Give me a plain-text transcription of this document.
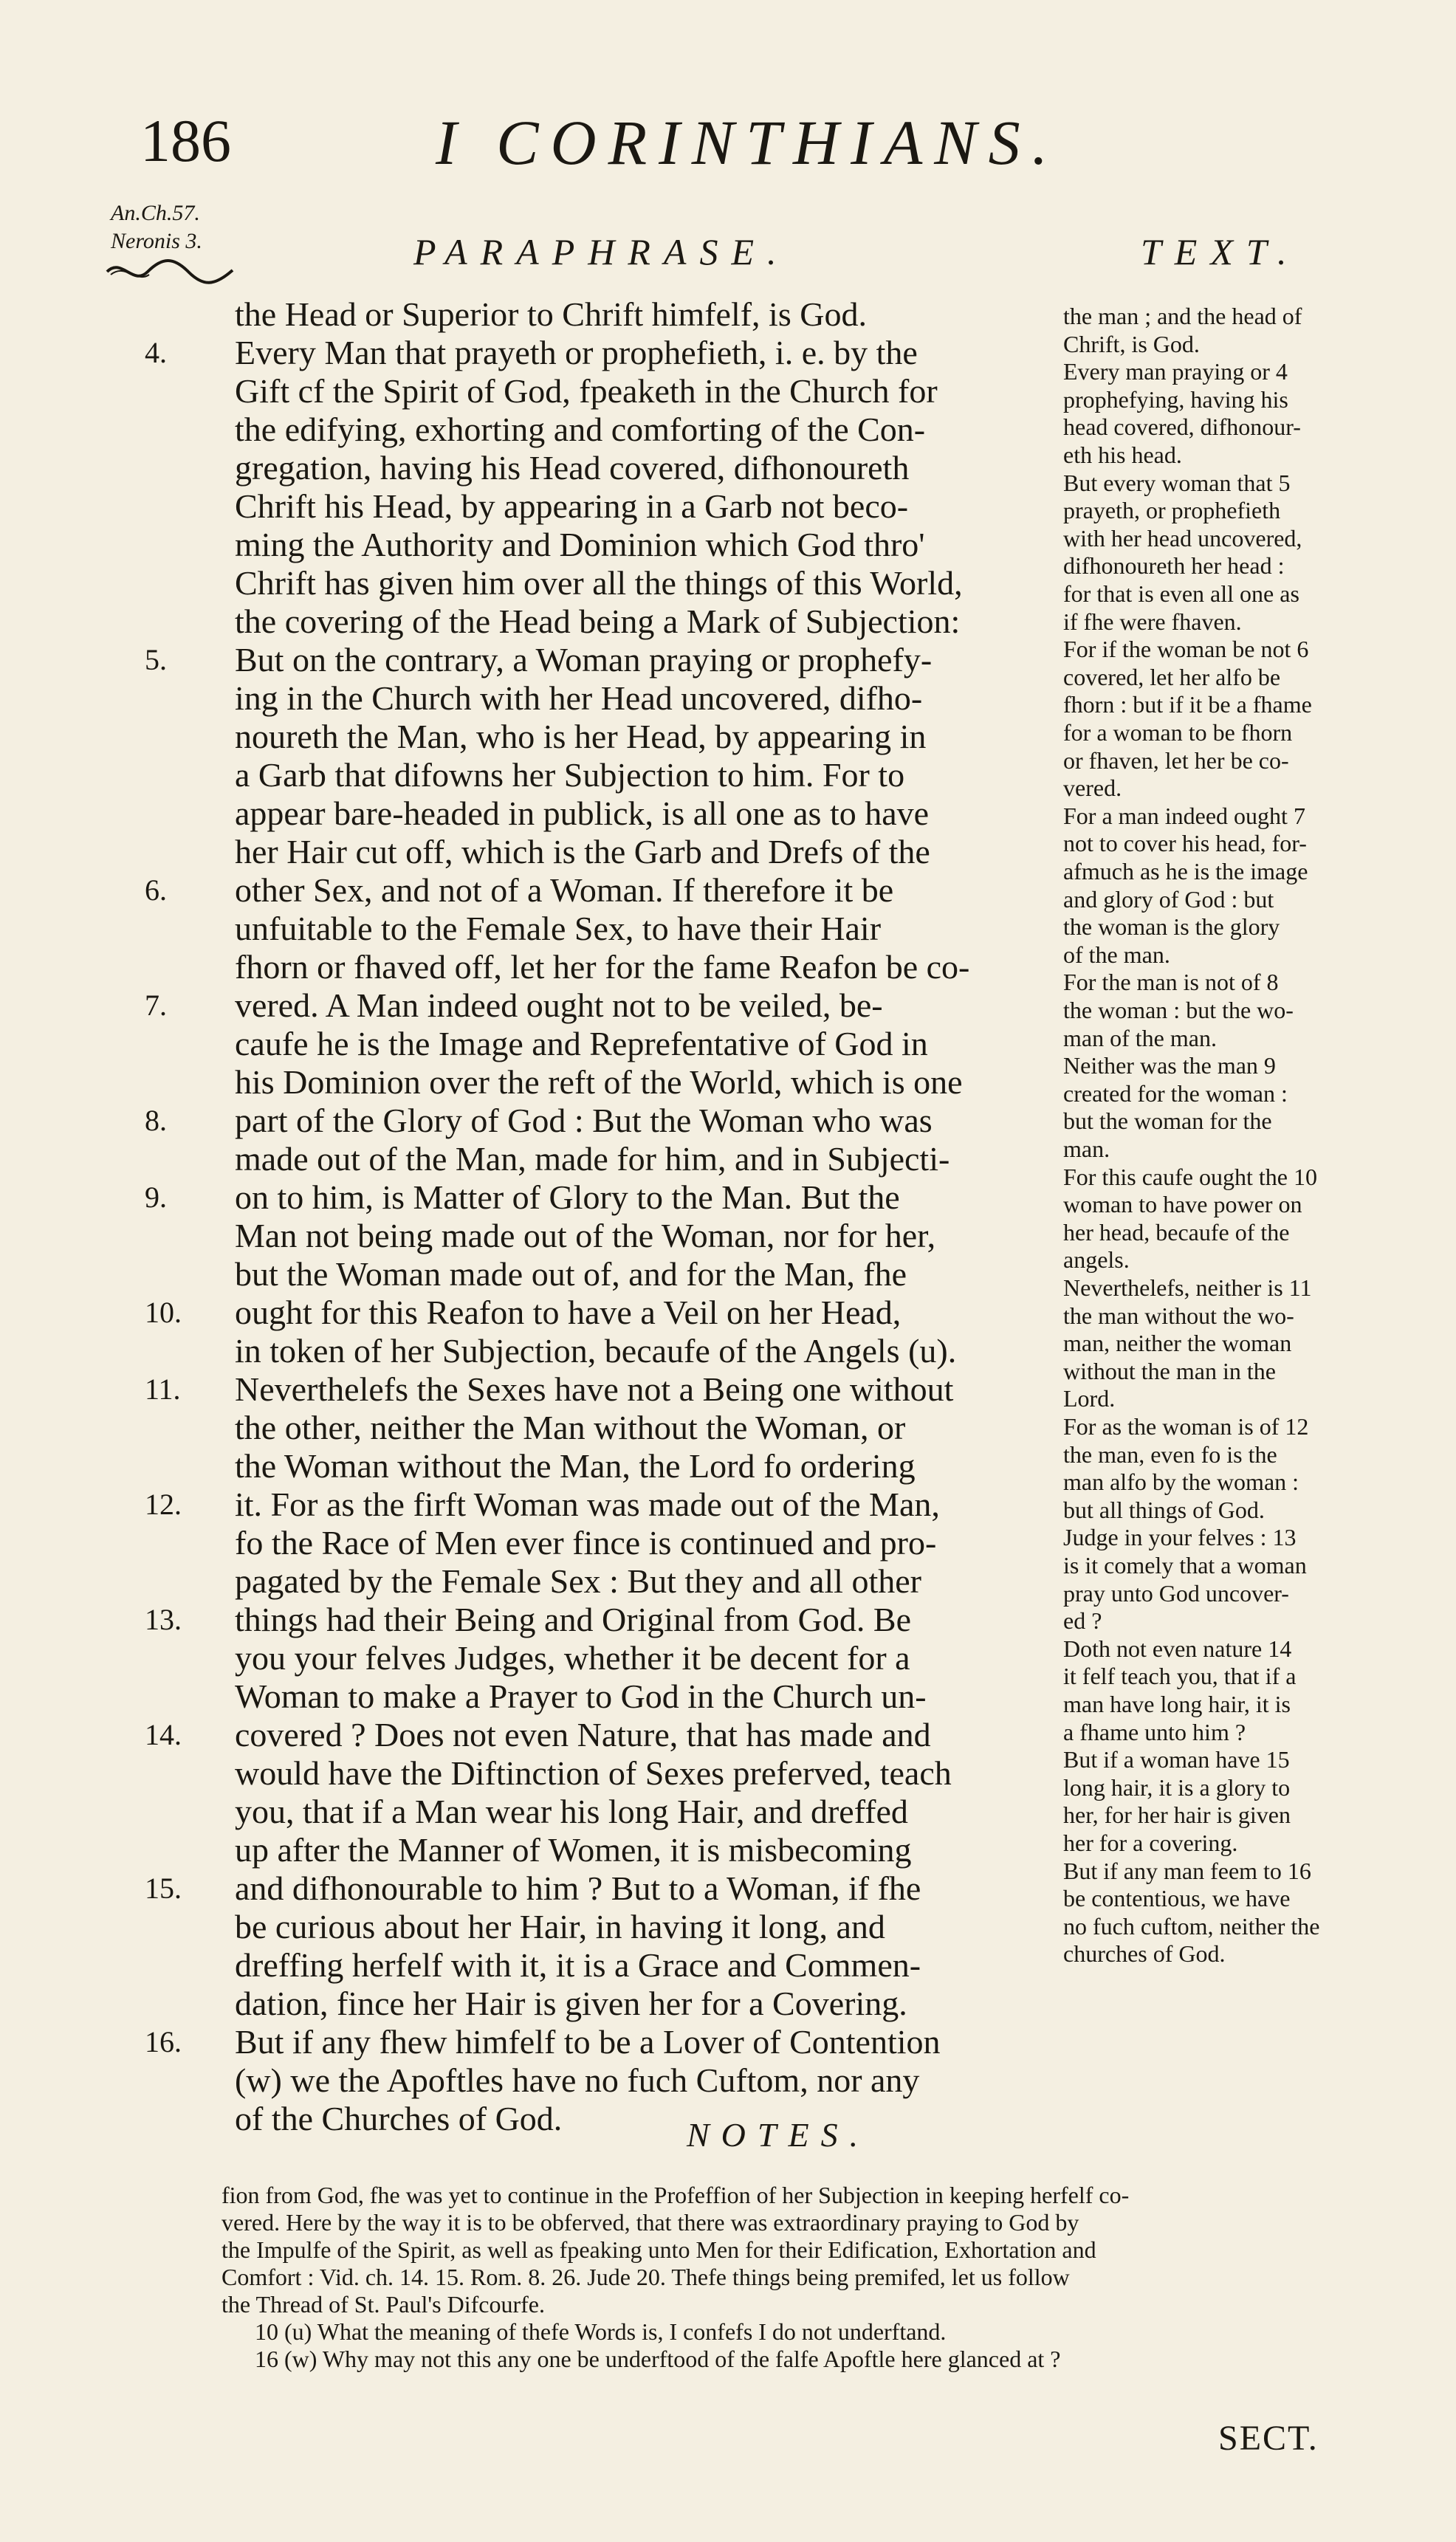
186	I CORINTHIANS.
An.Ch.57.
Neronis 3.	PARAPHRASE.	TEXT.
the Head or Superior to Chrift himfelf, is God.
Every Man that prayeth or prophefieth, i. e. by the
4.
Gift cf the Spirit of God, fpeaketh in the Church for
the edifying, exhorting and comforting of the Con-
gregation, having his Head covered, difhonoureth
Chrift his Head, by appearing in a Garb not beco-
ming the Authority and Dominion which God thro'
Chrift has given him over all the things of this World,
the covering of the Head being a Mark of Subjection:
But on the contrary, a Woman praying or prophefy-
5.
ing in the Church with her Head uncovered, difho-
noureth the Man, who is her Head, by appearing in
a Garb that difowns her Subjection to him. For to
appear bare-headed in publick, is all one as to have
her Hair cut off, which is the Garb and Drefs of the
other Sex, and not of a Woman. If therefore it be
6.
unfuitable to the Female Sex, to have their Hair
fhorn or fhaved off, let her for the fame Reafon be co-
vered. A Man indeed ought not to be veiled, be-
7.
caufe he is the Image and Reprefentative of God in
his Dominion over the reft of the World, which is one
part of the Glory of God : But the Woman who was
8.
made out of the Man, made for him, and in Subjecti-
on to him, is Matter of Glory to the Man. But the
9.
Man not being made out of the Woman, nor for her,
but the Woman made out of, and for the Man, fhe
ought for this Reafon to have a Veil on her Head,
10.
in token of her Subjection, becaufe of the Angels (u).
Neverthelefs the Sexes have not a Being one without
11.
the other, neither the Man without the Woman, or
the Woman without the Man, the Lord fo ordering
it. For as the firft Woman was made out of the Man,
12.
fo the Race of Men ever fince is continued and pro-
pagated by the Female Sex : But they and all other
things had their Being and Original from God. Be
13.
you your felves Judges, whether it be decent for a
Woman to make a Prayer to God in the Church un-
covered ? Does not even Nature, that has made and
14.
would have the Diftinction of Sexes preferved, teach
you, that if a Man wear his long Hair, and dreffed
up after the Manner of Women, it is misbecoming
and difhonourable to him ? But to a Woman, if fhe
15.
be curious about her Hair, in having it long, and
dreffing herfelf with it, it is a Grace and Commen-
dation, fince her Hair is given her for a Covering.
But if any fhew himfelf to be a Lover of Contention
16.
(w) we the Apoftles have no fuch Cuftom, nor any
of the Churches of God.
the man ; and the head of
Chrift, is God.
Every man praying or 4
prophefying, having his
head covered, difhonour-
eth his head.
But every woman that 5
prayeth, or prophefieth
with her head uncovered,
difhonoureth her head :
for that is even all one as
if fhe were fhaven.
For if the woman be not 6
covered, let her alfo be
fhorn : but if it be a fhame
for a woman to be fhorn
or fhaven, let her be co-
vered.
For a man indeed ought 7
not to cover his head, for-
afmuch as he is the image
and glory of God : but
the woman is the glory
of the man.
For the man is not of 8
the woman : but the wo-
man of the man.
Neither was the man 9
created for the woman :
but the woman for the
man.
For this caufe ought the 10
woman to have power on
her head, becaufe of the
angels.
Neverthelefs, neither is 11
the man without the wo-
man, neither the woman
without the man in the
Lord.
For as the woman is of 12
the man, even fo is the
man alfo by the woman :
but all things of God.
Judge in your felves : 13
is it comely that a woman
pray unto God uncover-
ed ?
Doth not even nature 14
it felf teach you, that if a
man have long hair, it is
a fhame unto him ?
But if a woman have 15
long hair, it is a glory to
her, for her hair is given
her for a covering.
But if any man feem to 16
be contentious, we have
no fuch cuftom, neither the
churches of God.
NOTES.
fion from God, fhe was yet to continue in the Profeffion of her Subjection in keeping herfelf co-
vered. Here by the way it is to be obferved, that there was extraordinary praying to God by
the Impulfe of the Spirit, as well as fpeaking unto Men for their Edification, Exhortation and
Comfort : Vid. ch. 14. 15. Rom. 8. 26. Jude 20. Thefe things being premifed, let us follow
the Thread of St. Paul's Difcourfe.
10 (u) What the meaning of thefe Words is, I confefs I do not underftand.
16 (w) Why may not this any one be underftood of the falfe Apoftle here glanced at ?
SECT.
